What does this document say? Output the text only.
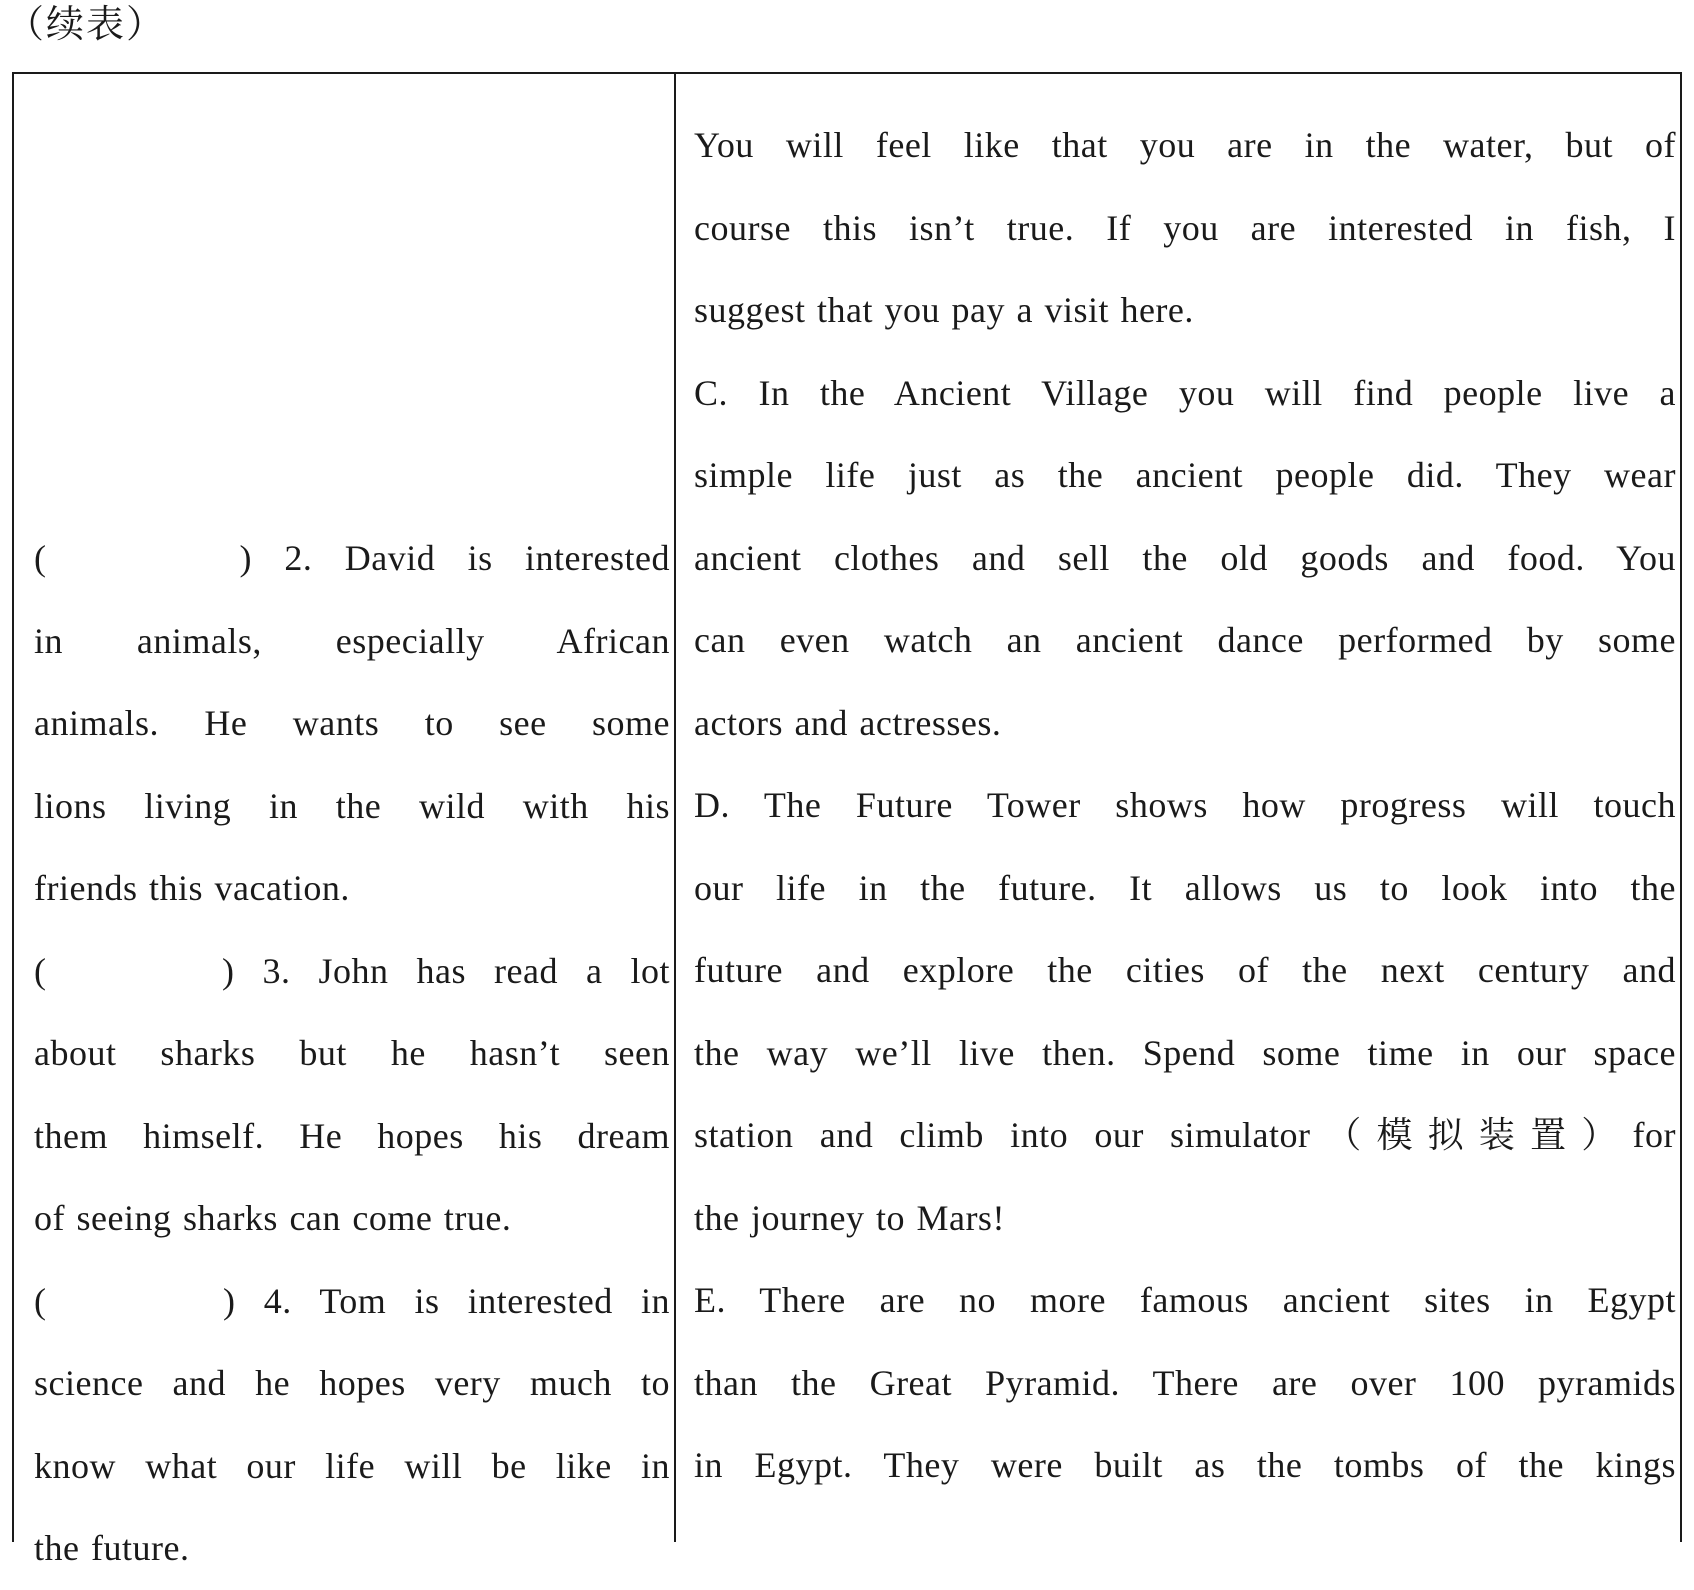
（续表）
(　　　) 2. David is interested
in animals, especially African
animals. He wants to see some
lions living in the wild with his
friends this vacation.
(　　　) 3. John has read a lot
about sharks but he hasn’t seen
them himself. He hopes his dream
of seeing sharks can come true.
(　　　) 4. Tom is interested in
science and he hopes very much to
know what our life will be like in
the future.
You will feel like that you are in the water, but of
course this isn’t true. If you are interested in fish, I
suggest that you pay a visit here.
C. In the Ancient Village you will find people live a
simple life just as the ancient people did. They wear
ancient clothes and sell the old goods and food. You
can even watch an ancient dance performed by some
actors and actresses.
D. The Future Tower shows how progress will touch
our life in the future. It allows us to look into the
future and explore the cities of the next century and
the way we’ll live then. Spend some time in our space
station and climb into our simulator（模拟装置）for
the journey to Mars!
E. There are no more famous ancient sites in Egypt
than the Great Pyramid. There are over 100 pyramids
in Egypt. They were built as the tombs of the kings
